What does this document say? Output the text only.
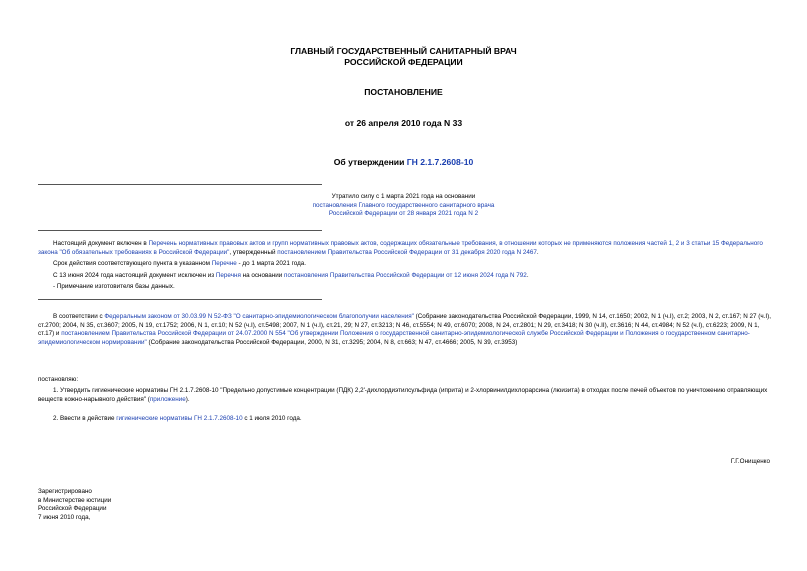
ГЛАВНЫЙ ГОСУДАРСТВЕННЫЙ САНИТАРНЫЙ ВРАЧ

РОССИЙСКОЙ ФЕДЕРАЦИИ

ПОСТАНОВЛЕНИЕ
от 26 апреля 2010 года N 33
Об утверждении ГН 2.1.7.2608-10

Утратило силу с 1 марта 2021 года на основании

постановления Главного государственного санитарного врача

Российской Федерации от 28 января 2021 года N 2

Настоящий документ включен в Перечень нормативных правовых актов и групп нормативных правовых актов, содержащих обязательные требования, в отношении которых не применяются положения частей 1, 2 и 3 статьи 15 Федерального закона "Об обязательных требованиях в Российской Федерации", утвержденный постановлением Правительства Российской Федерации от 31 декабря 2020 года N 2467.

Срок действия соответствующего пункта в указанном Перечне - до 1 марта 2021 года.

С 13 июня 2024 года настоящий документ исключен из Перечня на основании постановления Правительства Российской Федерации от 12 июня 2024 года N 792.

- Примечание изготовителя базы данных.

В соответствии с Федеральным законом от 30.03.99 N 52-ФЗ "О санитарно-эпидемиологическом благополучии населения" (Собрание законодательства Российской Федерации, 1999, N 14, ст.1650; 2002, N 1 (ч.I), ст.2; 2003, N 2, ст.167; N 27 (ч.I), ст.2700; 2004, N 35, ст.3607; 2005, N 19, ст.1752; 2006, N 1, ст.10; N 52 (ч.I), ст.5498; 2007, N 1 (ч.I), ст.21, 29; N 27, ст.3213; N 46, ст.5554; N 49, ст.6070; 2008, N 24, ст.2801; N 29, ст.3418; N 30 (ч.II), ст.3616; N 44, ст.4984; N 52 (ч.I), ст.6223; 2009, N 1, ст.17) и постановлением Правительства Российской Федерации от 24.07.2000 N 554 "Об утверждении Положения о государственной санитарно-эпидемиологической службе Российской Федерации и Положения о государственном санитарно-эпидемиологическом нормировании" (Собрание законодательства Российской Федерации, 2000, N 31, ст.3295; 2004, N 8, ст.663; N 47, ст.4666; 2005, N 39, ст.3953)
постановляю:
1. Утвердить гигиенические нормативы ГН 2.1.7.2608-10 "Предельно допустимые концентрации (ПДК) 2,2'-дихлордиэтилсульфида (иприта) и 2-хлорвинилдихлорарсина (люизита) в отходах после печей объектов по уничтожению отравляющих веществ кожно-нарывного действия" (приложение).
2. Ввести в действие гигиенические нормативы ГН 2.1.7.2608-10 с 1 июля 2010 года.
Г.Г.Онищенко

Зарегистрировано

в Министерстве юстиции

Российской Федерации

7 июня 2010 года,
